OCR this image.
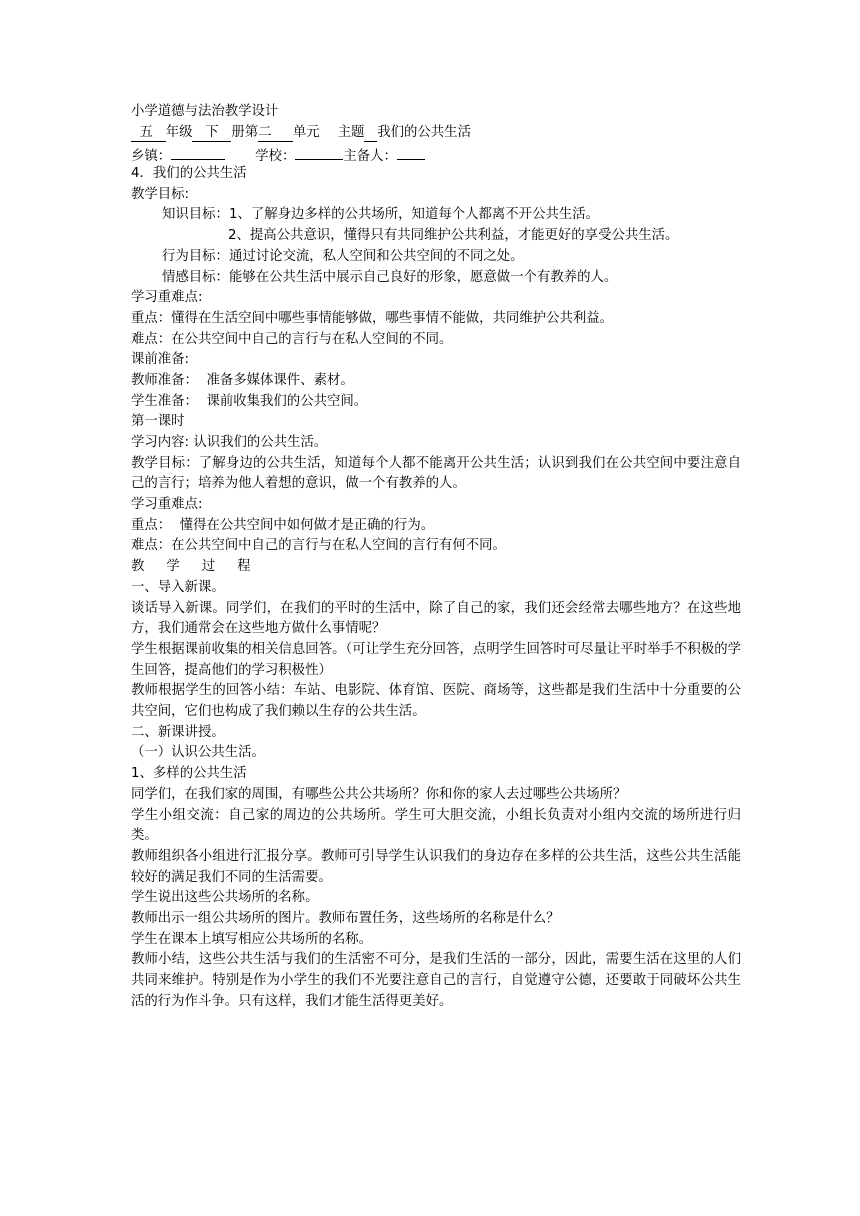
小学道德与法治教学设计
五 年级 下 册第二 单元 主题 我们的公共生活
乡镇：	学校：	主备人：
4．我们的公共生活
教学目标:
知识目标：1、了解身边多样的公共场所，知道每个人都离不开公共生活。
2、提高公共意识，懂得只有共同维护公共利益，才能更好的享受公共生活。
行为目标：通过讨论交流，私人空间和公共空间的不同之处。
情感目标：能够在公共生活中展示自己良好的形象，愿意做一个有教养的人。
学习重难点:
重点：懂得在生活空间中哪些事情能够做，哪些事情不能做，共同维护公共利益。
难点：在公共空间中自己的言行与在私人空间的不同。
课前准备:
教师准备：  准备多媒体课件、素材。
学生准备：  课前收集我们的公共空间。
第一课时
学习内容: 认识我们的公共生活。
教学目标：了解身边的公共生活，知道每个人都不能离开公共生活；认识到我们在公共空间中要注意自己的言行；培养为他人着想的意识，做一个有教养的人。
学习重难点:
重点：  懂得在公共空间中如何做才是正确的行为。
难点：在公共空间中自己的言行与在私人空间的言行有何不同。
教学过程
一、导入新课。
谈话导入新课。同学们，在我们的平时的生活中，除了自己的家，我们还会经常去哪些地方？在这些地方，我们通常会在这些地方做什么事情呢？
学生根据课前收集的相关信息回答。（可让学生充分回答，点明学生回答时可尽量让平时举手不积极的学生回答，提高他们的学习积极性）
教师根据学生的回答小结：车站、电影院、体育馆、医院、商场等，这些都是我们生活中十分重要的公共空间，它们也构成了我们赖以生存的公共生活。
二、新课讲授。
（一）认识公共生活。
1、多样的公共生活
同学们，在我们家的周围，有哪些公共公共场所？你和你的家人去过哪些公共场所？
学生小组交流：自己家的周边的公共场所。学生可大胆交流，小组长负责对小组内交流的场所进行归类。
教师组织各小组进行汇报分享。教师可引导学生认识我们的身边存在多样的公共生活，这些公共生活能较好的满足我们不同的生活需要。
学生说出这些公共场所的名称。
教师出示一组公共场所的图片。教师布置任务，这些场所的名称是什么？
学生在课本上填写相应公共场所的名称。
教师小结，这些公共生活与我们的生活密不可分，是我们生活的一部分，因此，需要生活在这里的人们共同来维护。特别是作为小学生的我们不光要注意自己的言行，自觉遵守公德，还要敢于同破坏公共生活的行为作斗争。只有这样，我们才能生活得更美好。
